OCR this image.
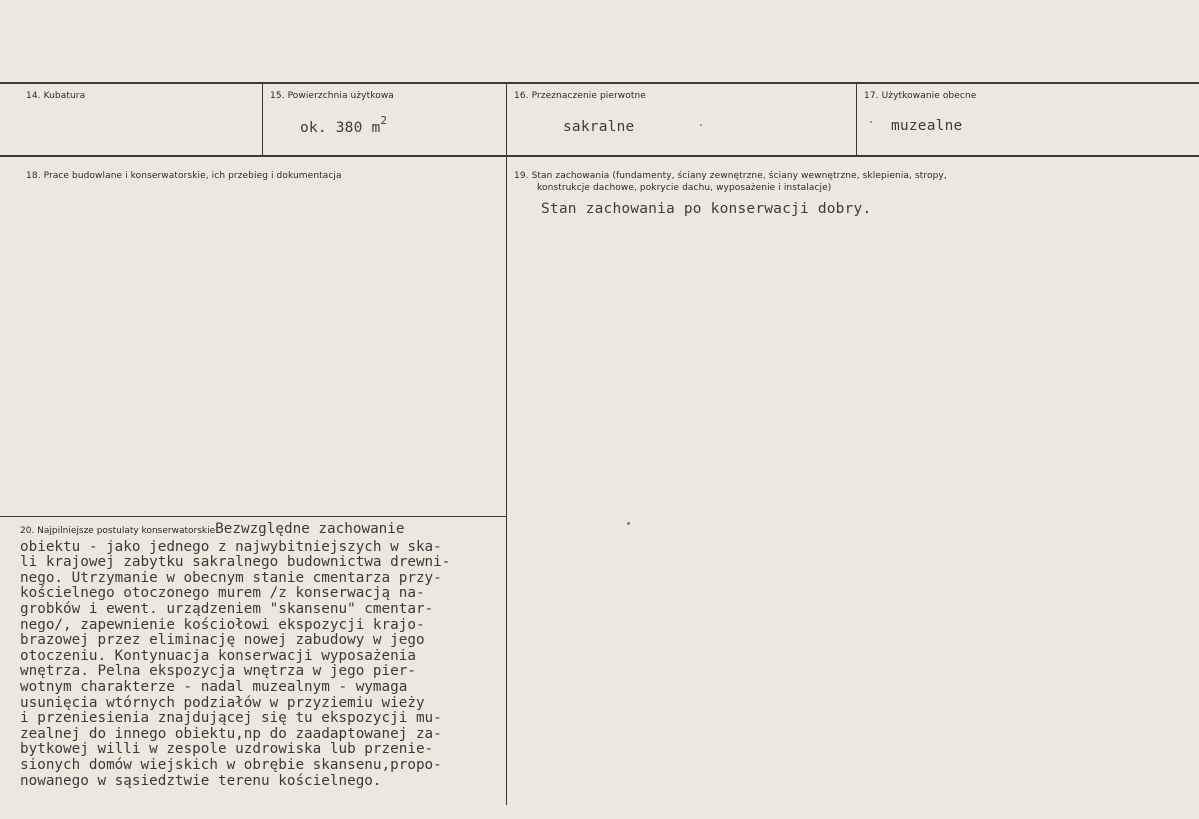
14. Kubatura	15. Powierzchnia użytkowa
ok. 380 $m^2$
16. Przeznaczenie pierwotne
sakralne
17. Użytkowanie obecne
muzealne
18. Prace budowlane i konserwatorskie, ich przebieg i dokumentacja	19. Stan zachowania (fundamenty, ściany zewnętrzne, ściany wewnętrzne, sklepienia, stropy,
konstrukcje dachowe, pokrycie dachu, wyposażenie i instalacje)
Stan zachowania po konserwacji dobry.
20. Najpilniejsze postulaty konserwatorskieBezwzględne zachowanie
obiektu - jako jednego z najwybitniejszych w ska-
li krajowej zabytku sakralnego budownictwa drewni-
nego. Utrzymanie w obecnym stanie cmentarza przy-
kościelnego otoczonego murem /z konserwacją na-
grobków i ewent. urządzeniem "skansenu" cmentar-
nego/, zapewnienie kościołowi ekspozycji krajo-
brazowej przez eliminację nowej zabudowy w jego
otoczeniu. Kontynuacja konserwacji wyposażenia
wnętrza. Pelna ekspozycja wnętrza w jego pier-
wotnym charakterze - nadal muzealnym - wymaga
usunięcia wtórnych podziałów w przyziemiu wieży
i przeniesienia znajdującej się tu ekspozycji mu-
zealnej do innego obiektu,np do zaadaptowanej za-
bytkowej willi w zespole uzdrowiska lub przenie-
sionych domów wiejskich w obrębie skansenu,propo-
nowanego w sąsiedztwie terenu kościelnego.
